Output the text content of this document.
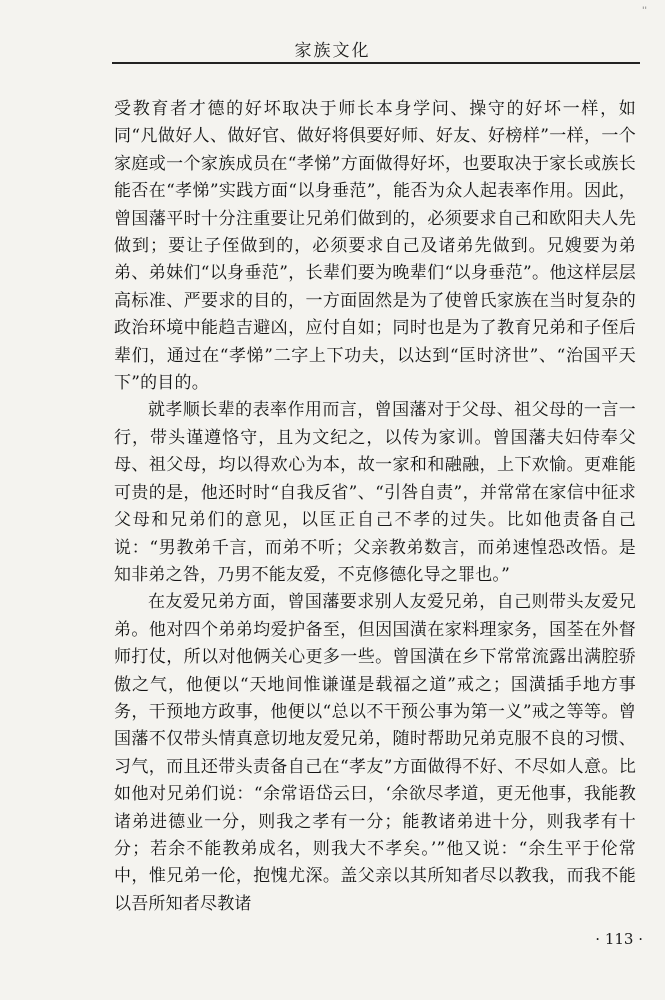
''
家族文化

受教育者才德的好坏取决于师长本身学问、操守的好坏一样，如同“凡做好人、做好官、做好将俱要好师、好友、好榜样”一样，一个家庭或一个家族成员在“孝悌”方面做得好坏，也要取决于家长或族长能否在“孝悌”实践方面“以身垂范”，能否为众人起表率作用。因此，曾国藩平时十分注重要让兄弟们做到的，必须要求自己和欧阳夫人先做到；要让子侄做到的，必须要求自己及诸弟先做到。兄嫂要为弟弟、弟妹们“以身垂范”，长辈们要为晚辈们“以身垂范”。他这样层层高标准、严要求的目的，一方面固然是为了使曾氏家族在当时复杂的政治环境中能趋吉避凶，应付自如；同时也是为了教育兄弟和子侄后辈们，通过在“孝悌”二字上下功夫，以达到“匡时济世”、“治国平天下”的目的。

就孝顺长辈的表率作用而言，曾国藩对于父母、祖父母的一言一行，带头谨遵恪守，且为文纪之，以传为家训。曾国藩夫妇侍奉父母、祖父母，均以得欢心为本，故一家和和融融，上下欢愉。更难能可贵的是，他还时时“自我反省”、“引咎自责”，并常常在家信中征求父母和兄弟们的意见，以匡正自己不孝的过失。比如他责备自己说：“男教弟千言，而弟不听；父亲教弟数言，而弟速惶恐改悟。是知非弟之咎，乃男不能友爱，不克修德化导之罪也。”

在友爱兄弟方面，曾国藩要求别人友爱兄弟，自己则带头友爱兄弟。他对四个弟弟均爱护备至，但因国潢在家料理家务，国荃在外督师打仗，所以对他俩关心更多一些。曾国潢在乡下常常流露出满腔骄傲之气，他便以“天地间惟谦谨是载福之道”戒之；国潢插手地方事务，干预地方政事，他便以“总以不干预公事为第一义”戒之等等。曾国藩不仅带头情真意切地友爱兄弟，随时帮助兄弟克服不良的习惯、习气，而且还带头责备自己在“孝友”方面做得不好、不尽如人意。比如他对兄弟们说：“余常语岱云曰，‘余欲尽孝道，更无他事，我能教诸弟进德业一分，则我之孝有一分；能教诸弟进十分，则我孝有十分；若余不能教弟成名，则我大不孝矣。’”他又说：“余生平于伦常中，惟兄弟一伦，抱愧尤深。盖父亲以其所知者尽以教我，而我不能以吾所知者尽教诸

· 113 ·
